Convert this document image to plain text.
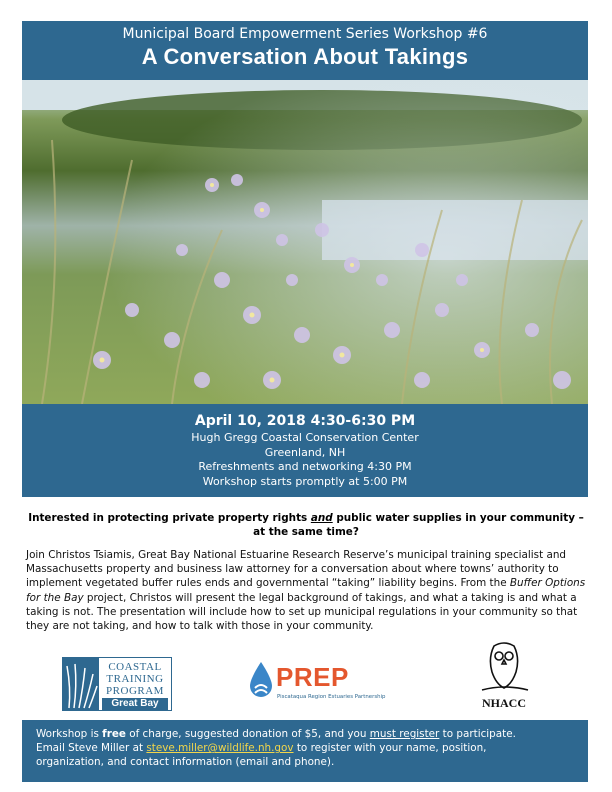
Municipal Board Empowerment Series Workshop #6
A Conversation About Takings
April 10, 2018 4:30-6:30 PM
Hugh Gregg Coastal Conservation Center
Greenland, NH
Refreshments and networking 4:30 PM
Workshop starts promptly at 5:00 PM
Interested in protecting private property rights and public water supplies in your community – at the same time?
Join Christos Tsiamis, Great Bay National Estuarine Research Reserve’s municipal training specialist and Massachusetts property and business law attorney for a conversation about where towns’ authority to implement vegetated buffer rules ends and governmental “taking” liability begins. From the Buffer Options for the Bay project, Christos will present the legal background of takings, and what a taking is and what a taking is not. The presentation will include how to set up municipal regulations in your community so that they are not taking, and how to talk with those in your community.
COASTAL
TRAINING
PROGRAM
Great Bay
PREP
Piscataqua Region Estuaries Partnership	NHACC
Workshop is free of charge, suggested donation of $5, and you must register to participate.
Email Steve Miller at steve.miller@wildlife.nh.gov to register with your name, position,
organization, and contact information (email and phone).
